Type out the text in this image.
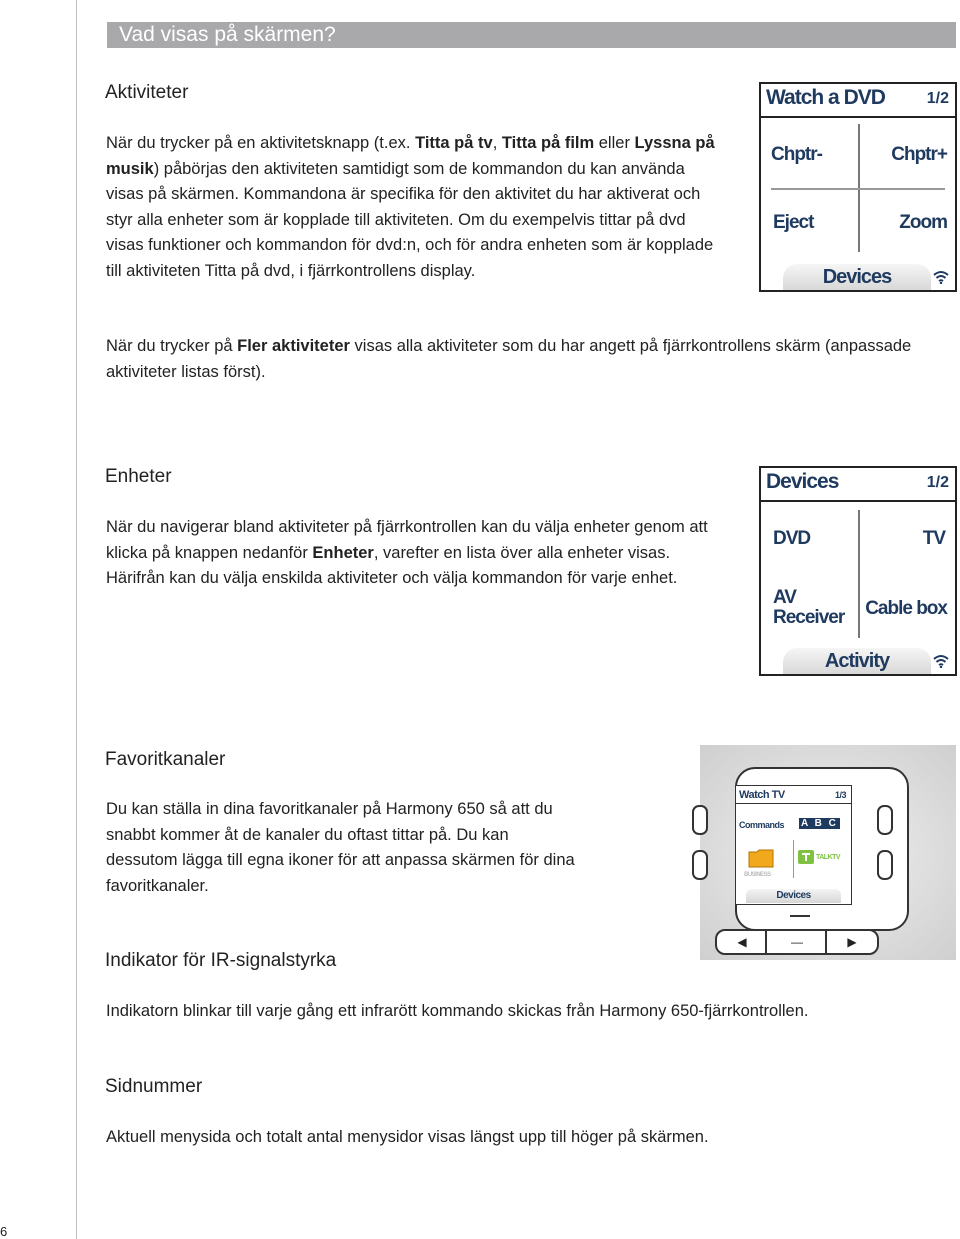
Vad visas på skärmen?
Aktiviteter

När du trycker på en aktivitetsknapp (t.ex. Titta på tv, Titta på film eller Lyssna på musik) påbörjas den aktiviteten samtidigt som de kommandon du kan använda visas på skärmen. Kommandona är specifika för den aktivitet du har aktiverat och styr alla enheter som är kopplade till aktiviteten. Om du exempelvis tittar på dvd visas funktioner och kommandon för dvd:n, och för andra enheten som är kopplade till aktiviteten Titta på dvd, i fjärrkontrollens display.

När du trycker på Fler aktiviteter visas alla aktiviteter som du har angett på fjärrkontrollens skärm (anpassade aktiviteter listas först).

Watch a DVD	1/2
Chptr-	Chptr+
Eject	Zoom
Devices
Enheter

När du navigerar bland aktiviteter på fjärrkontrollen kan du välja enheter genom att klicka på knappen nedanför Enheter, varefter en lista över alla enheter visas. Härifrån kan du välja enskilda aktiviteter och välja kommandon för varje enhet.

Devices	1/2
DVD	TV
AV
Receiver Cable box
Activity
Favoritkanaler

Du kan ställa in dina favoritkanaler på Harmony 650 så att du snabbt kommer åt de kanaler du oftast tittar på. Du kan dessutom lägga till egna ikoner för att anpassa skärmen för dina favoritkanaler.

Watch TV	1/3
Commands A B C
BUSINESS
TALKTV
Devices
◀	—	▶
Indikator för IR-signalstyrka

Indikatorn blinkar till varje gång ett infrarött kommando skickas från Harmony 650-fjärrkontrollen.

Sidnummer

Aktuell menysida och totalt antal menysidor visas längst upp till höger på skärmen.

6
